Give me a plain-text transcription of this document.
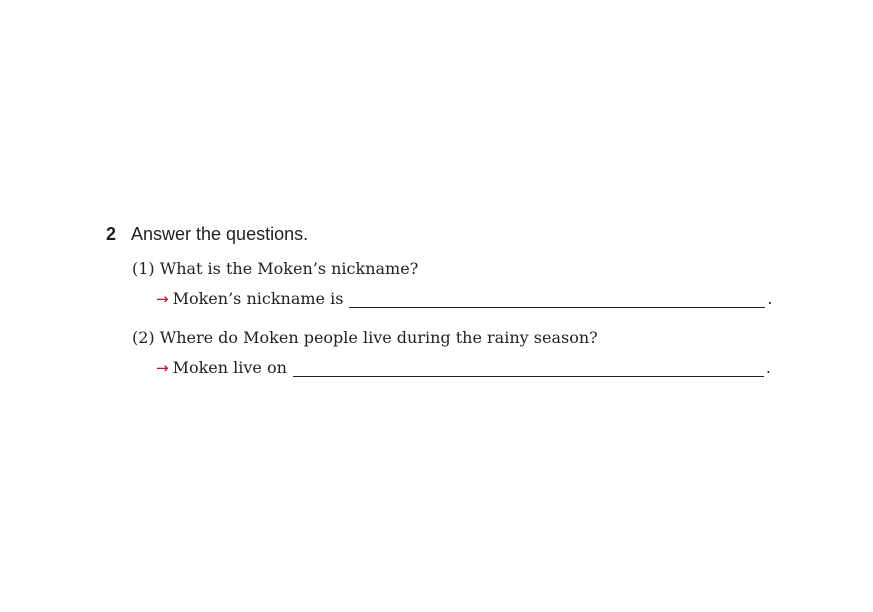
2 Answer the questions.
(1) What is the Moken’s nickname?
→ Moken’s nickname is	.
(2) Where do Moken people live during the rainy season?
→ Moken live on	.
